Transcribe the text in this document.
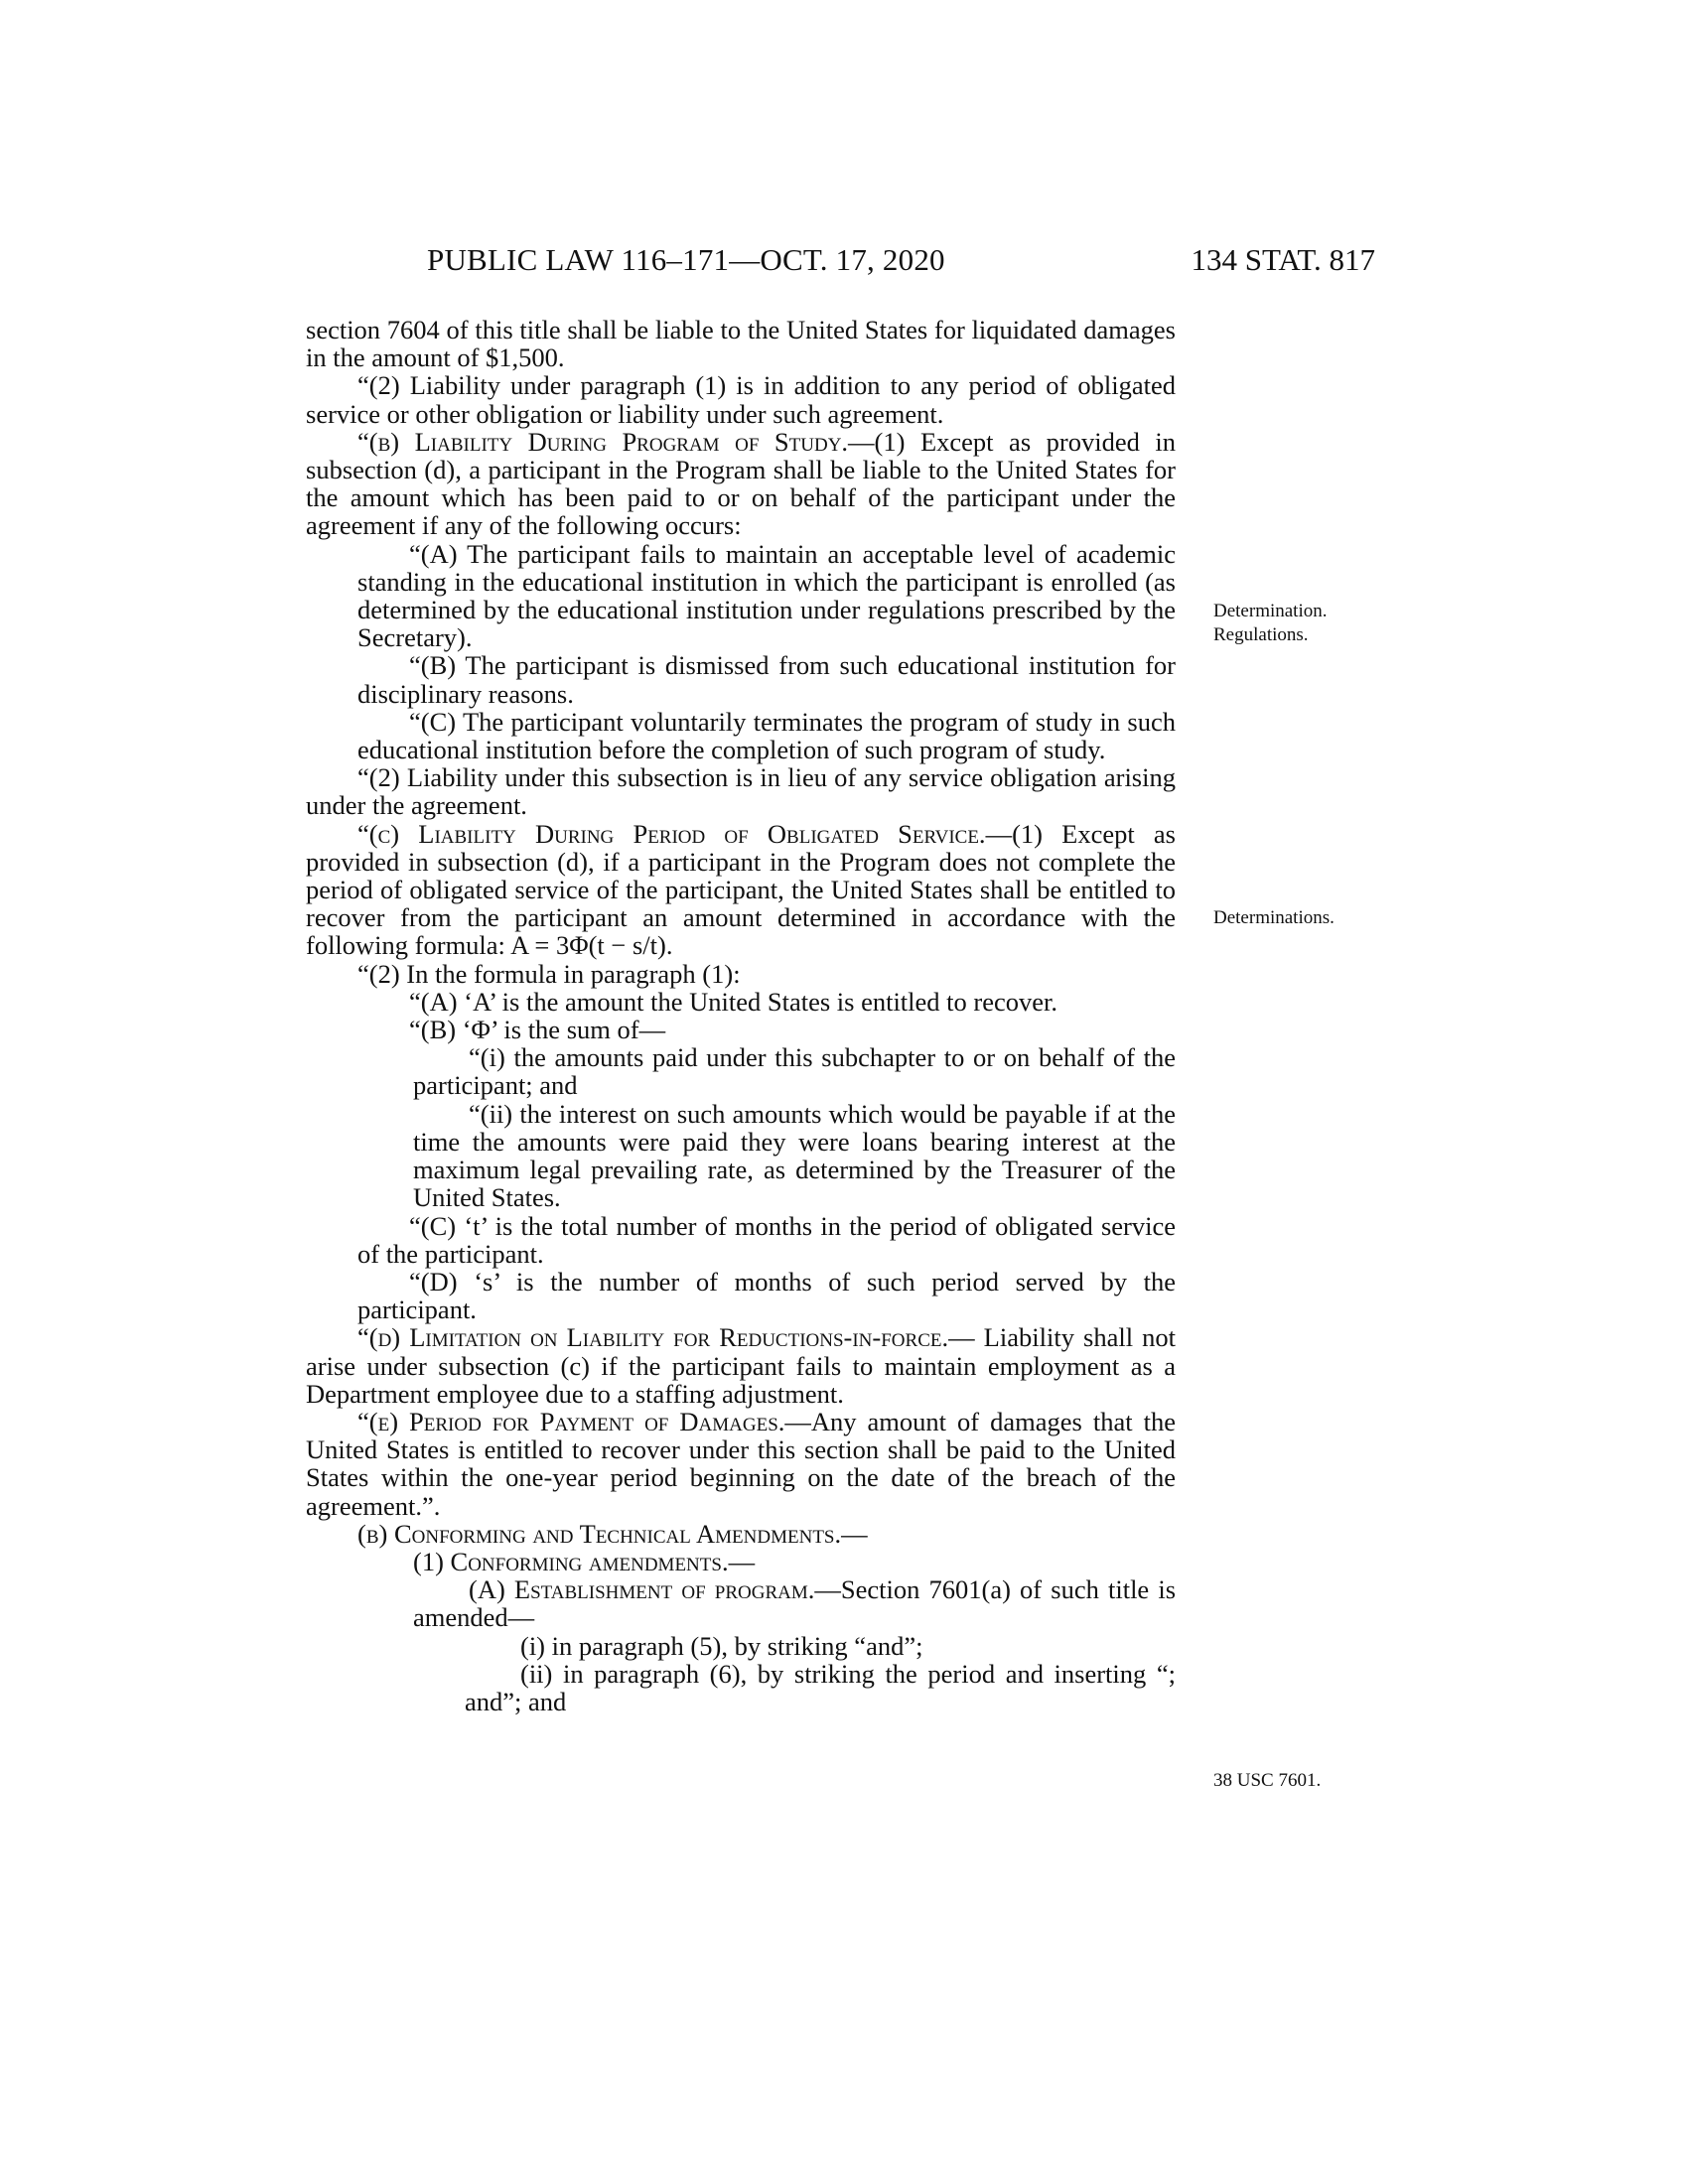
PUBLIC LAW 116–171—OCT. 17, 2020	134 STAT. 817

section 7604 of this title shall be liable to the United States for liquidated damages in the amount of $1,500.

“(2) Liability under paragraph (1) is in addition to any period of obligated service or other obligation or liability under such agreement.

“(b) Liability During Program of Study.—(1) Except as provided in subsection (d), a participant in the Program shall be liable to the United States for the amount which has been paid to or on behalf of the participant under the agreement if any of the following occurs:

“(A) The participant fails to maintain an acceptable level of academic standing in the educational institution in which the participant is enrolled (as determined by the educational institution under regulations prescribed by the Secretary).

“(B) The participant is dismissed from such educational institution for disciplinary reasons.

“(C) The participant voluntarily terminates the program of study in such educational institution before the completion of such program of study.

“(2) Liability under this subsection is in lieu of any service obligation arising under the agreement.

“(c) Liability During Period of Obligated Service.—(1) Except as provided in subsection (d), if a participant in the Program does not complete the period of obligated service of the participant, the United States shall be entitled to recover from the participant an amount determined in accordance with the following formula: A = 3Φ(t − s/t).

“(2) In the formula in paragraph (1):

“(A) ‘A’ is the amount the United States is entitled to recover.

“(B) ‘Φ’ is the sum of—

“(i) the amounts paid under this subchapter to or on behalf of the participant; and

“(ii) the interest on such amounts which would be payable if at the time the amounts were paid they were loans bearing interest at the maximum legal prevailing rate, as determined by the Treasurer of the United States.

“(C) ‘t’ is the total number of months in the period of obligated service of the participant.

“(D) ‘s’ is the number of months of such period served by the participant.

“(d) Limitation on Liability for Reductions-in-force.— Liability shall not arise under subsection (c) if the participant fails to maintain employment as a Department employee due to a staffing adjustment.

“(e) Period for Payment of Damages.—Any amount of damages that the United States is entitled to recover under this section shall be paid to the United States within the one-year period beginning on the date of the breach of the agreement.”.

(b) Conforming and Technical Amendments.—

(1) Conforming amendments.—

(A) Establishment of program.—Section 7601(a) of such title is amended—

(i) in paragraph (5), by striking “and”;

(ii) in paragraph (6), by striking the period and inserting “; and”; and

Determination.
Regulations.
Determinations.
38 USC 7601.
